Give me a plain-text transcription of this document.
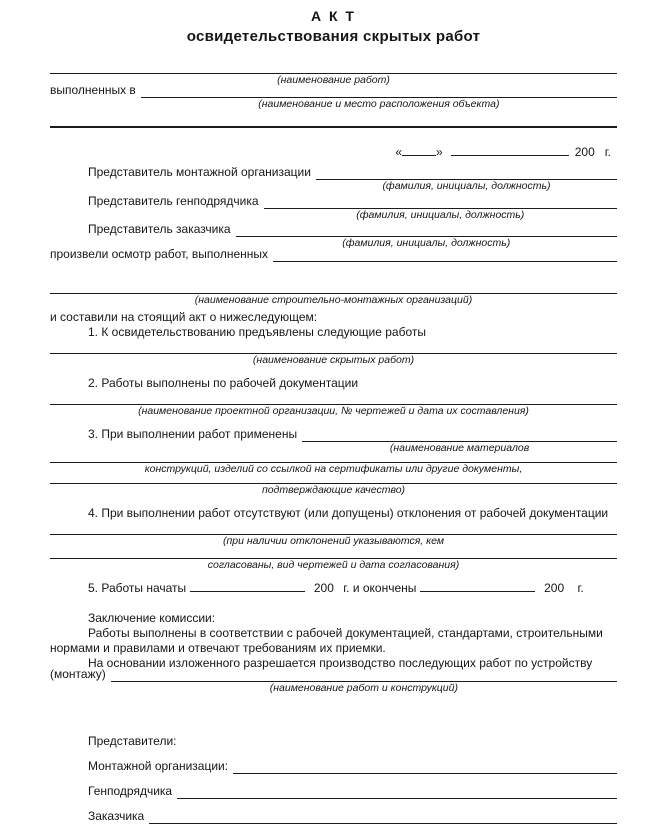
А К Т
освидетельствования скрытых работ
(наименование работ)
выполненных в
(наименование и место расположения объекта)
«	»	200 г.
Представитель монтажной организации
(фамилия, инициалы, должность)
Представитель генподрядчика
(фамилия, инициалы, должность)
Представитель заказчика
(фамилия, инициалы, должность)
произвели осмотр работ, выполненных
(наименование строительно-монтажных организаций)
и составили на стоящий акт о нижеследующем:
1. К освидетельствованию предъявлены следующие работы
(наименование скрытых работ)
2. Работы выполнены по рабочей документации
(наименование проектной организации, № чертежей и дата их составления)
3. При выполнении работ применены
(наименование материалов
конструкций, изделий со ссылкой на сертификаты или другие документы,
подтверждающие качество)
4. При выполнении работ отсутствуют (или допущены) отклонения от рабочей документации
(при наличии отклонений указываются, кем
согласованы, вид чертежей и дата согласования)
5. Работы начаты	200 г. и окончены	200 г.
Заключение комиссии:

Работы выполнены в соответствии с рабочей документацией, стандартами, строительными нормами и правилами и отвечают требованиям их приемки.

На основании изложенного разрешается производство последующих работ по устройству

(монтажу)
(наименование работ и конструкций)
Представители:
Монтажной организации:
Генподрядчика
Заказчика
